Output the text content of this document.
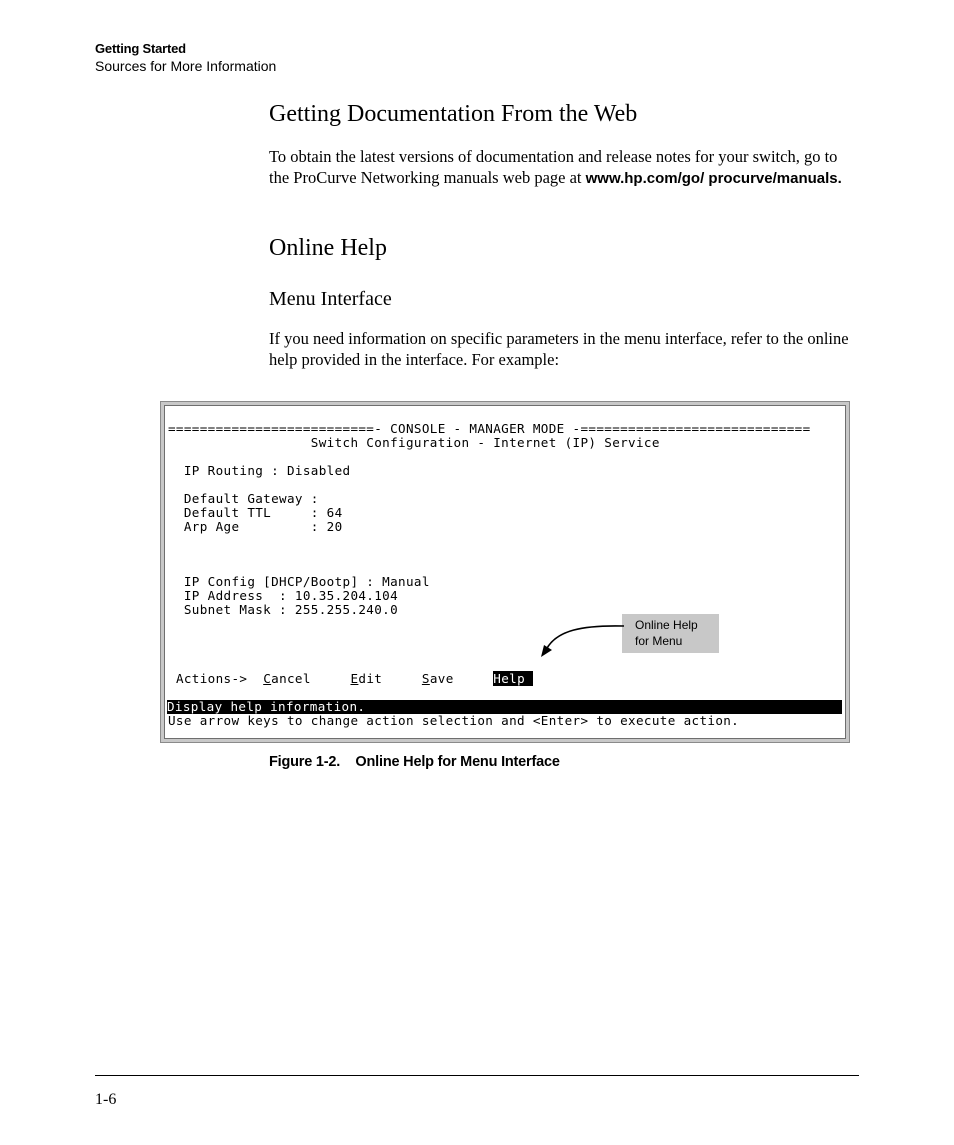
Getting Started
Sources for More Information
Getting Documentation From the Web

To obtain the latest versions of documentation and release notes for your switch, go to the ProCurve Networking manuals web page at www.hp.com/go/ procurve/manuals.

Online Help
Menu Interface

If you need information on specific parameters in the menu interface, refer to the online help provided in the interface. For example:

==========================- CONSOLE - MANAGER MODE -=============================
Switch Configuration - Internet (IP) Service
IP Routing : Disabled
Default Gateway :
Default TTL     : 64
Arp Age         : 20
IP Config [DHCP/Bootp] : Manual
IP Address  : 10.35.204.104
Subnet Mask : 255.255.240.0
Actions-> Cancel	Edit	Save	Help
Display help information.
Use arrow keys to change action selection and <Enter> to execute action.
Online Help
for Menu
Figure 1-2.    Online Help for Menu Interface
1-6
